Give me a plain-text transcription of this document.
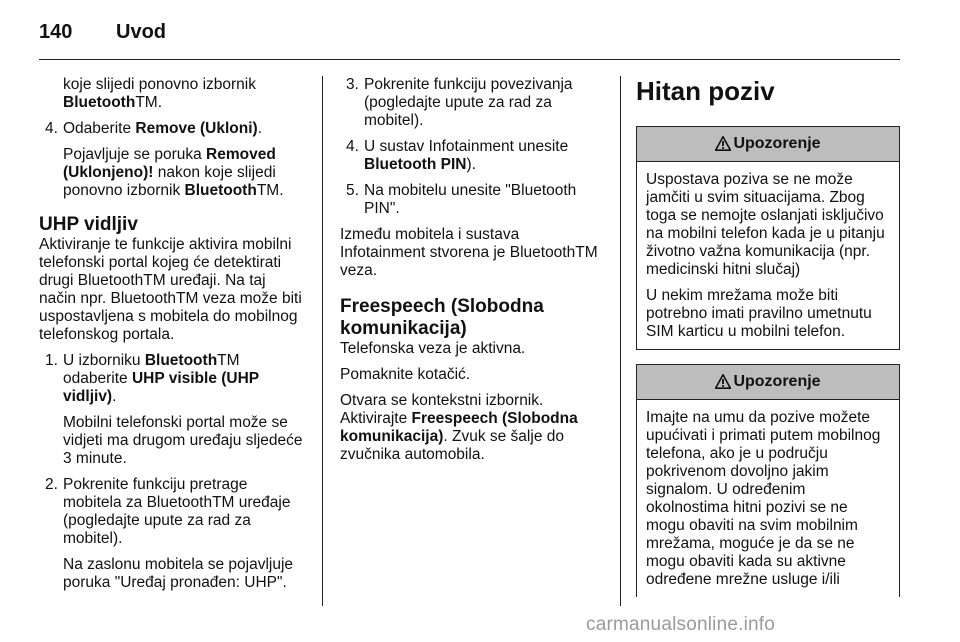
140 Uvod
koje slijedi ponovno izbornik
BluetoothTM.
4. Odaberite Remove (Ukloni).
Pojavljuje se poruka Removed (Uklonjeno)! nakon koje slijedi ponovno izbornik BluetoothTM.
UHP vidljiv
Aktiviranje te funkcije aktivira mobilni telefonski portal kojeg će detektirati drugi BluetoothTM uređaji. Na taj način npr. BluetoothTM veza može biti uspostavljena s mobitela do mobilnog telefonskog portala.
1. U izborniku BluetoothTM odaberite UHP visible (UHP vidljiv).
Mobilni telefonski portal može se vidjeti ma drugom uređaju sljedeće 3 minute.
2. Pokrenite funkciju pretrage mobitela za BluetoothTM uređaje (pogledajte upute za rad za mobitel).
Na zaslonu mobitela se pojavljuje poruka "Uređaj pronađen: UHP".
3. Pokrenite funkciju povezivanja (pogledajte upute za rad za mobitel).
4. U sustav Infotainment unesite Bluetooth PIN).
5. Na mobitelu unesite "Bluetooth PIN".
Između mobitela i sustava Infotainment stvorena je BluetoothTM veza.
Freespeech (Slobodna komunikacija)
Telefonska veza je aktivna.
Pomaknite kotačić.
Otvara se kontekstni izbornik. Aktivirajte Freespeech (Slobodna komunikacija). Zvuk se šalje do zvučnika automobila.
Hitan poziv
Upozorenje
Uspostava poziva se ne može jamčiti u svim situacijama. Zbog toga se nemojte oslanjati isključivo na mobilni telefon kada je u pitanju životno važna komunikacija (npr. medicinski hitni slučaj)
U nekim mrežama može biti potrebno imati pravilno umetnutu SIM karticu u mobilni telefon.
Upozorenje
Imajte na umu da pozive možete upućivati i primati putem mobilnog telefona, ako je u području pokrivenom dovoljno jakim signalom. U određenim okolnostima hitni pozivi se ne mogu obaviti na svim mobilnim mrežama, moguće je da se ne mogu obaviti kada su aktivne određene mrežne usluge i/ili
carmanualsonline.info
